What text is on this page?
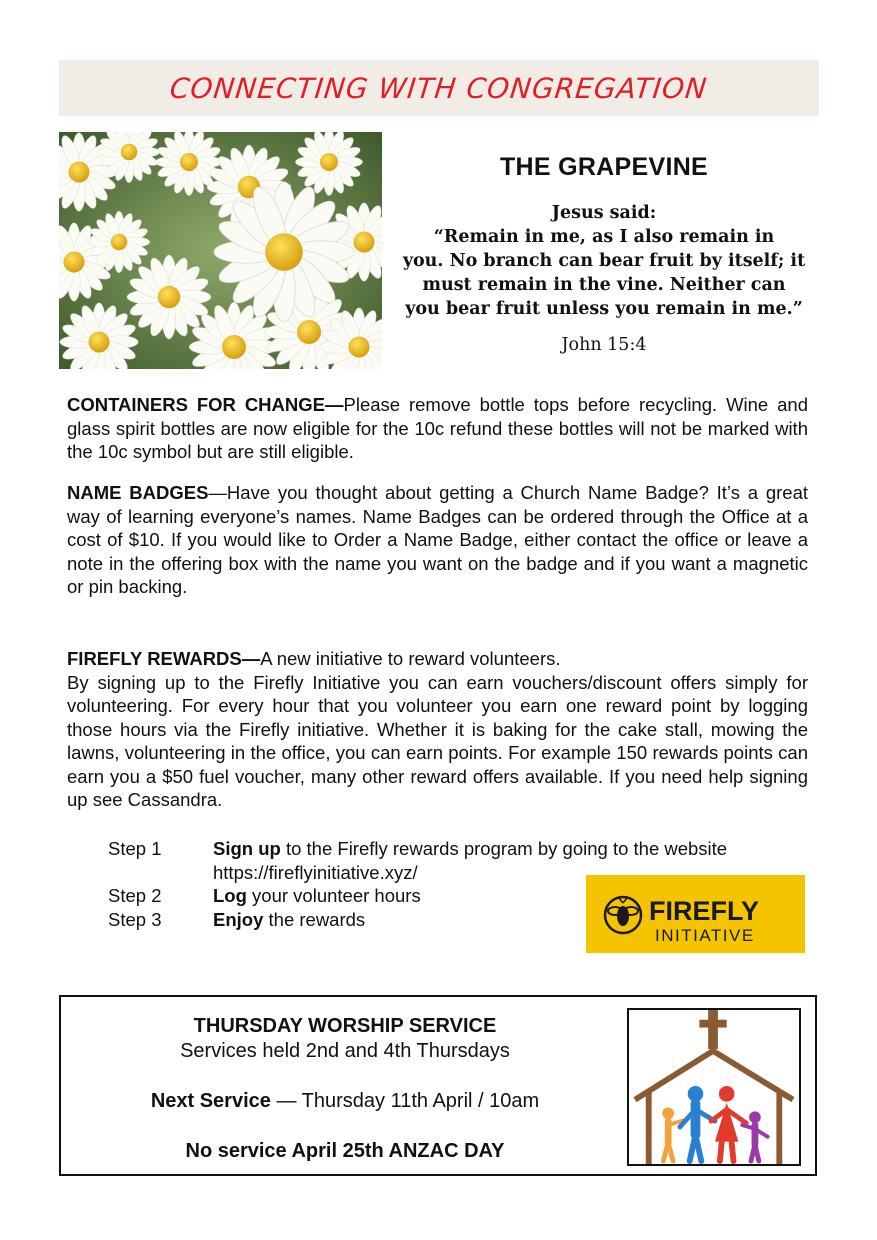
CONNECTING WITH CONGREGATION
THE GRAPEVINE
Jesus said:
“Remain in me, as I also remain in
you. No branch can bear fruit by itself; it
must remain in the vine. Neither can
you bear fruit unless you remain in me.”
John 15:4
CONTAINERS FOR CHANGE—Please remove bottle tops before recycling. Wine and glass spirit bottles are now eligible for the 10c refund these bottles will not be marked with the 10c symbol but are still eligible.
NAME BADGES—Have you thought about getting a Church Name Badge? It’s a great way of learning everyone’s names. Name Badges can be ordered through the Office at a cost of $10. If you would like to Order a Name Badge, either contact the office or leave a note in the offering box with the name you want on the badge and if you want a magnetic or pin backing.
FIREFLY REWARDS—A new initiative to reward volunteers.
By signing up to the Firefly Initiative you can earn vouchers/discount offers simply for volunteering. For every hour that you volunteer you earn one reward point by logging those hours via the Firefly initiative. Whether it is baking for the cake stall, mowing the lawns, volunteering in the office, you can earn points. For example 150 rewards points can earn you a $50 fuel voucher, many other reward offers available. If you need help signing up see Cassandra.
Step 1	Sign up to the Firefly rewards program by going to the website https://fireflyinitiative.xyz/
Step 2	Log your volunteer hours
Step 3	Enjoy the rewards	FIREFLY
INITIATIVE
THURSDAY WORSHIP SERVICE
Services held 2nd and 4th Thursdays
Next Service — Thursday 11th April / 10am
No service April 25th ANZAC DAY
